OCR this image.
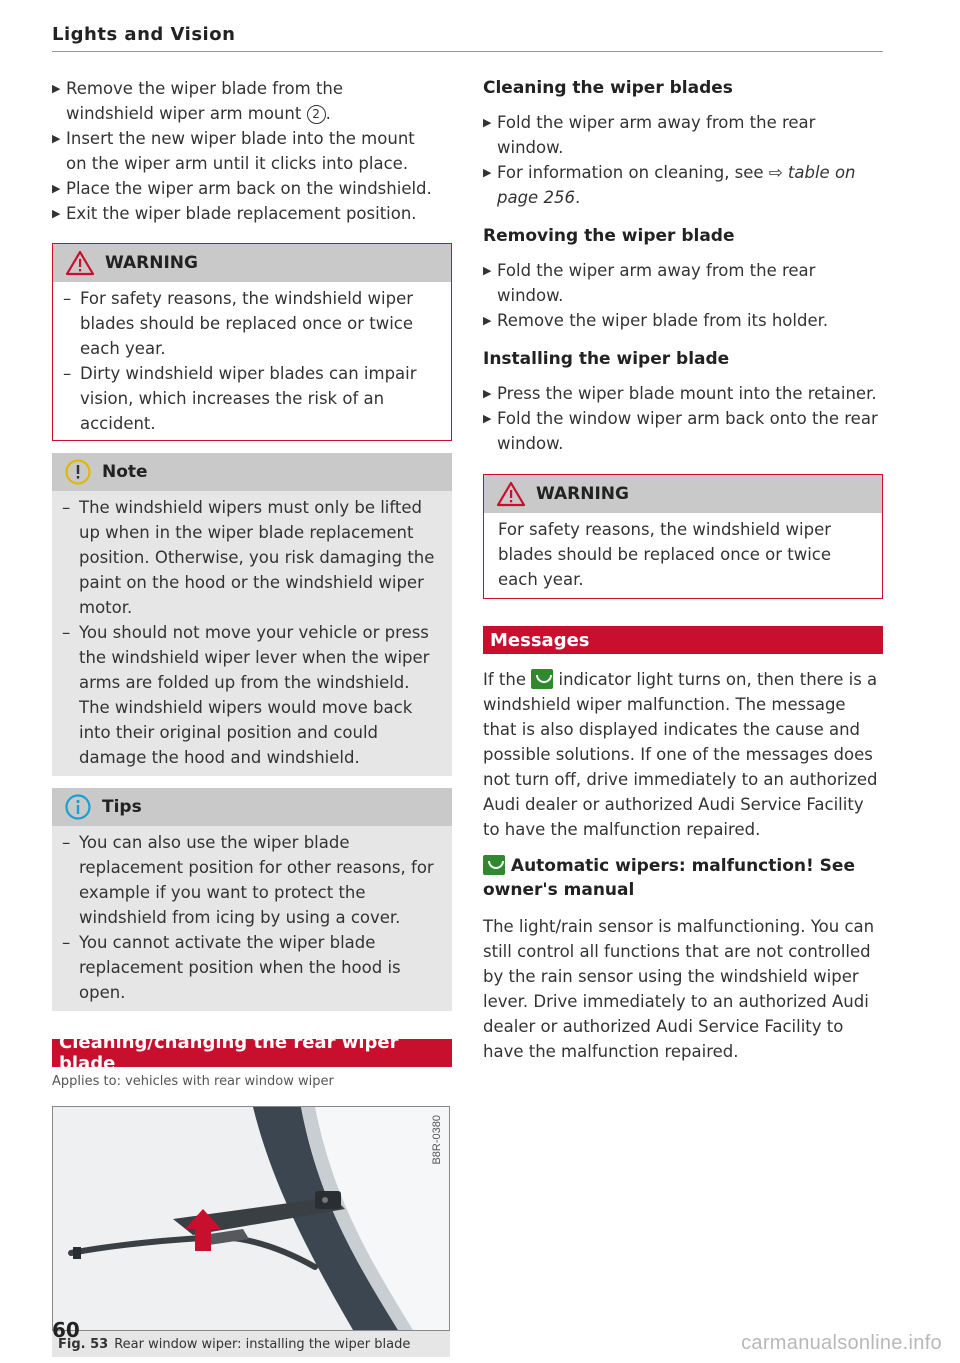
Lights and Vision
▶ Remove the wiper blade from the windshield wiper arm mount 2 .
▶ Insert the new wiper blade into the mount on the wiper arm until it clicks into place.
▶ Place the wiper arm back on the windshield.
▶ Exit the wiper blade replacement position.
WARNING
– For safety reasons, the windshield wiper blades should be replaced once or twice each year.
– Dirty windshield wiper blades can impair vision, which increases the risk of an accident.
Note
– The windshield wipers must only be lifted up when in the wiper blade replacement position. Otherwise, you risk damaging the paint on the hood or the windshield wiper motor.
– You should not move your vehicle or press the windshield wiper lever when the wiper arms are folded up from the windshield. The windshield wipers would move back into their original position and could damage the hood and windshield.
Tips
– You can also use the wiper blade replacement position for other reasons, for example if you want to protect the windshield from icing by using a cover.
– You cannot activate the wiper blade replacement position when the hood is open.
Cleaning/changing the rear wiper blade
Applies to: vehicles with rear window wiper
B8R-0380
Fig. 53 Rear window wiper: installing the wiper blade
Cleaning the wiper blades
▶ Fold the wiper arm away from the rear window.
▶ For information on cleaning, see ⇨ table on page 256.
Removing the wiper blade
▶ Fold the wiper arm away from the rear window.
▶ Remove the wiper blade from its holder.
Installing the wiper blade
▶ Press the wiper blade mount into the retainer.
▶ Fold the window wiper arm back onto the rear window.
WARNING
For safety reasons, the windshield wiper blades should be replaced once or twice each year.
Messages
If the  indicator light turns on, then there is a windshield wiper malfunction. The message that is also displayed indicates the cause and possible solutions. If one of the messages does not turn off, drive immediately to an authorized Audi dealer or authorized Audi Service Facility to have the malfunction repaired.
Automatic wipers: malfunction! See owner's manual
The light/rain sensor is malfunctioning. You can still control all functions that are not controlled by the rain sensor using the windshield wiper lever. Drive immediately to an authorized Audi dealer or authorized Audi Service Facility to have the malfunction repaired.
60
carmanualsonline.info
